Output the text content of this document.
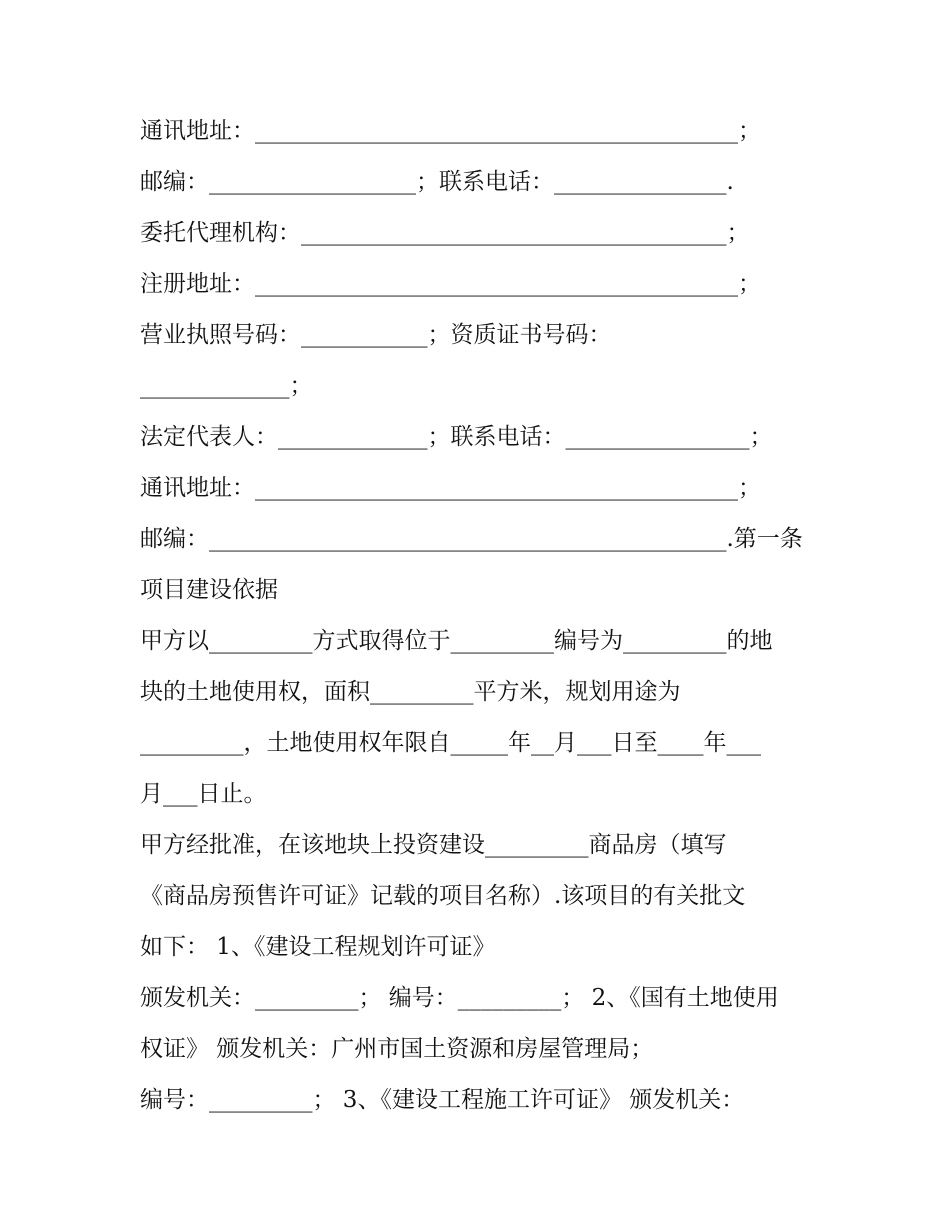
通讯地址：__________________________________________；
邮编：__________________；联系电话：_______________.
委托代理机构：_____________________________________；
注册地址：__________________________________________；
营业执照号码：___________；资质证书号码：
_____________；
法定代表人：_____________；联系电话：________________；
通讯地址：__________________________________________；
邮编：_____________________________________________.第一条
项目建设依据
甲方以_________方式取得位于_________编号为_________的地
块的土地使用权，面积_________平方米，规划用途为
_________，土地使用权年限自_____年__月___日至____年___
月___日止。
甲方经批准，在该地块上投资建设_________商品房（填写
《商品房预售许可证》记载的项目名称）.该项目的有关批文
如下： 1、《建设工程规划许可证》
颁发机关：_________； 编号：_________； 2、《国有土地使用
权证》 颁发机关：广州市国土资源和房屋管理局；
编号：_________； 3、《建设工程施工许可证》 颁发机关：
